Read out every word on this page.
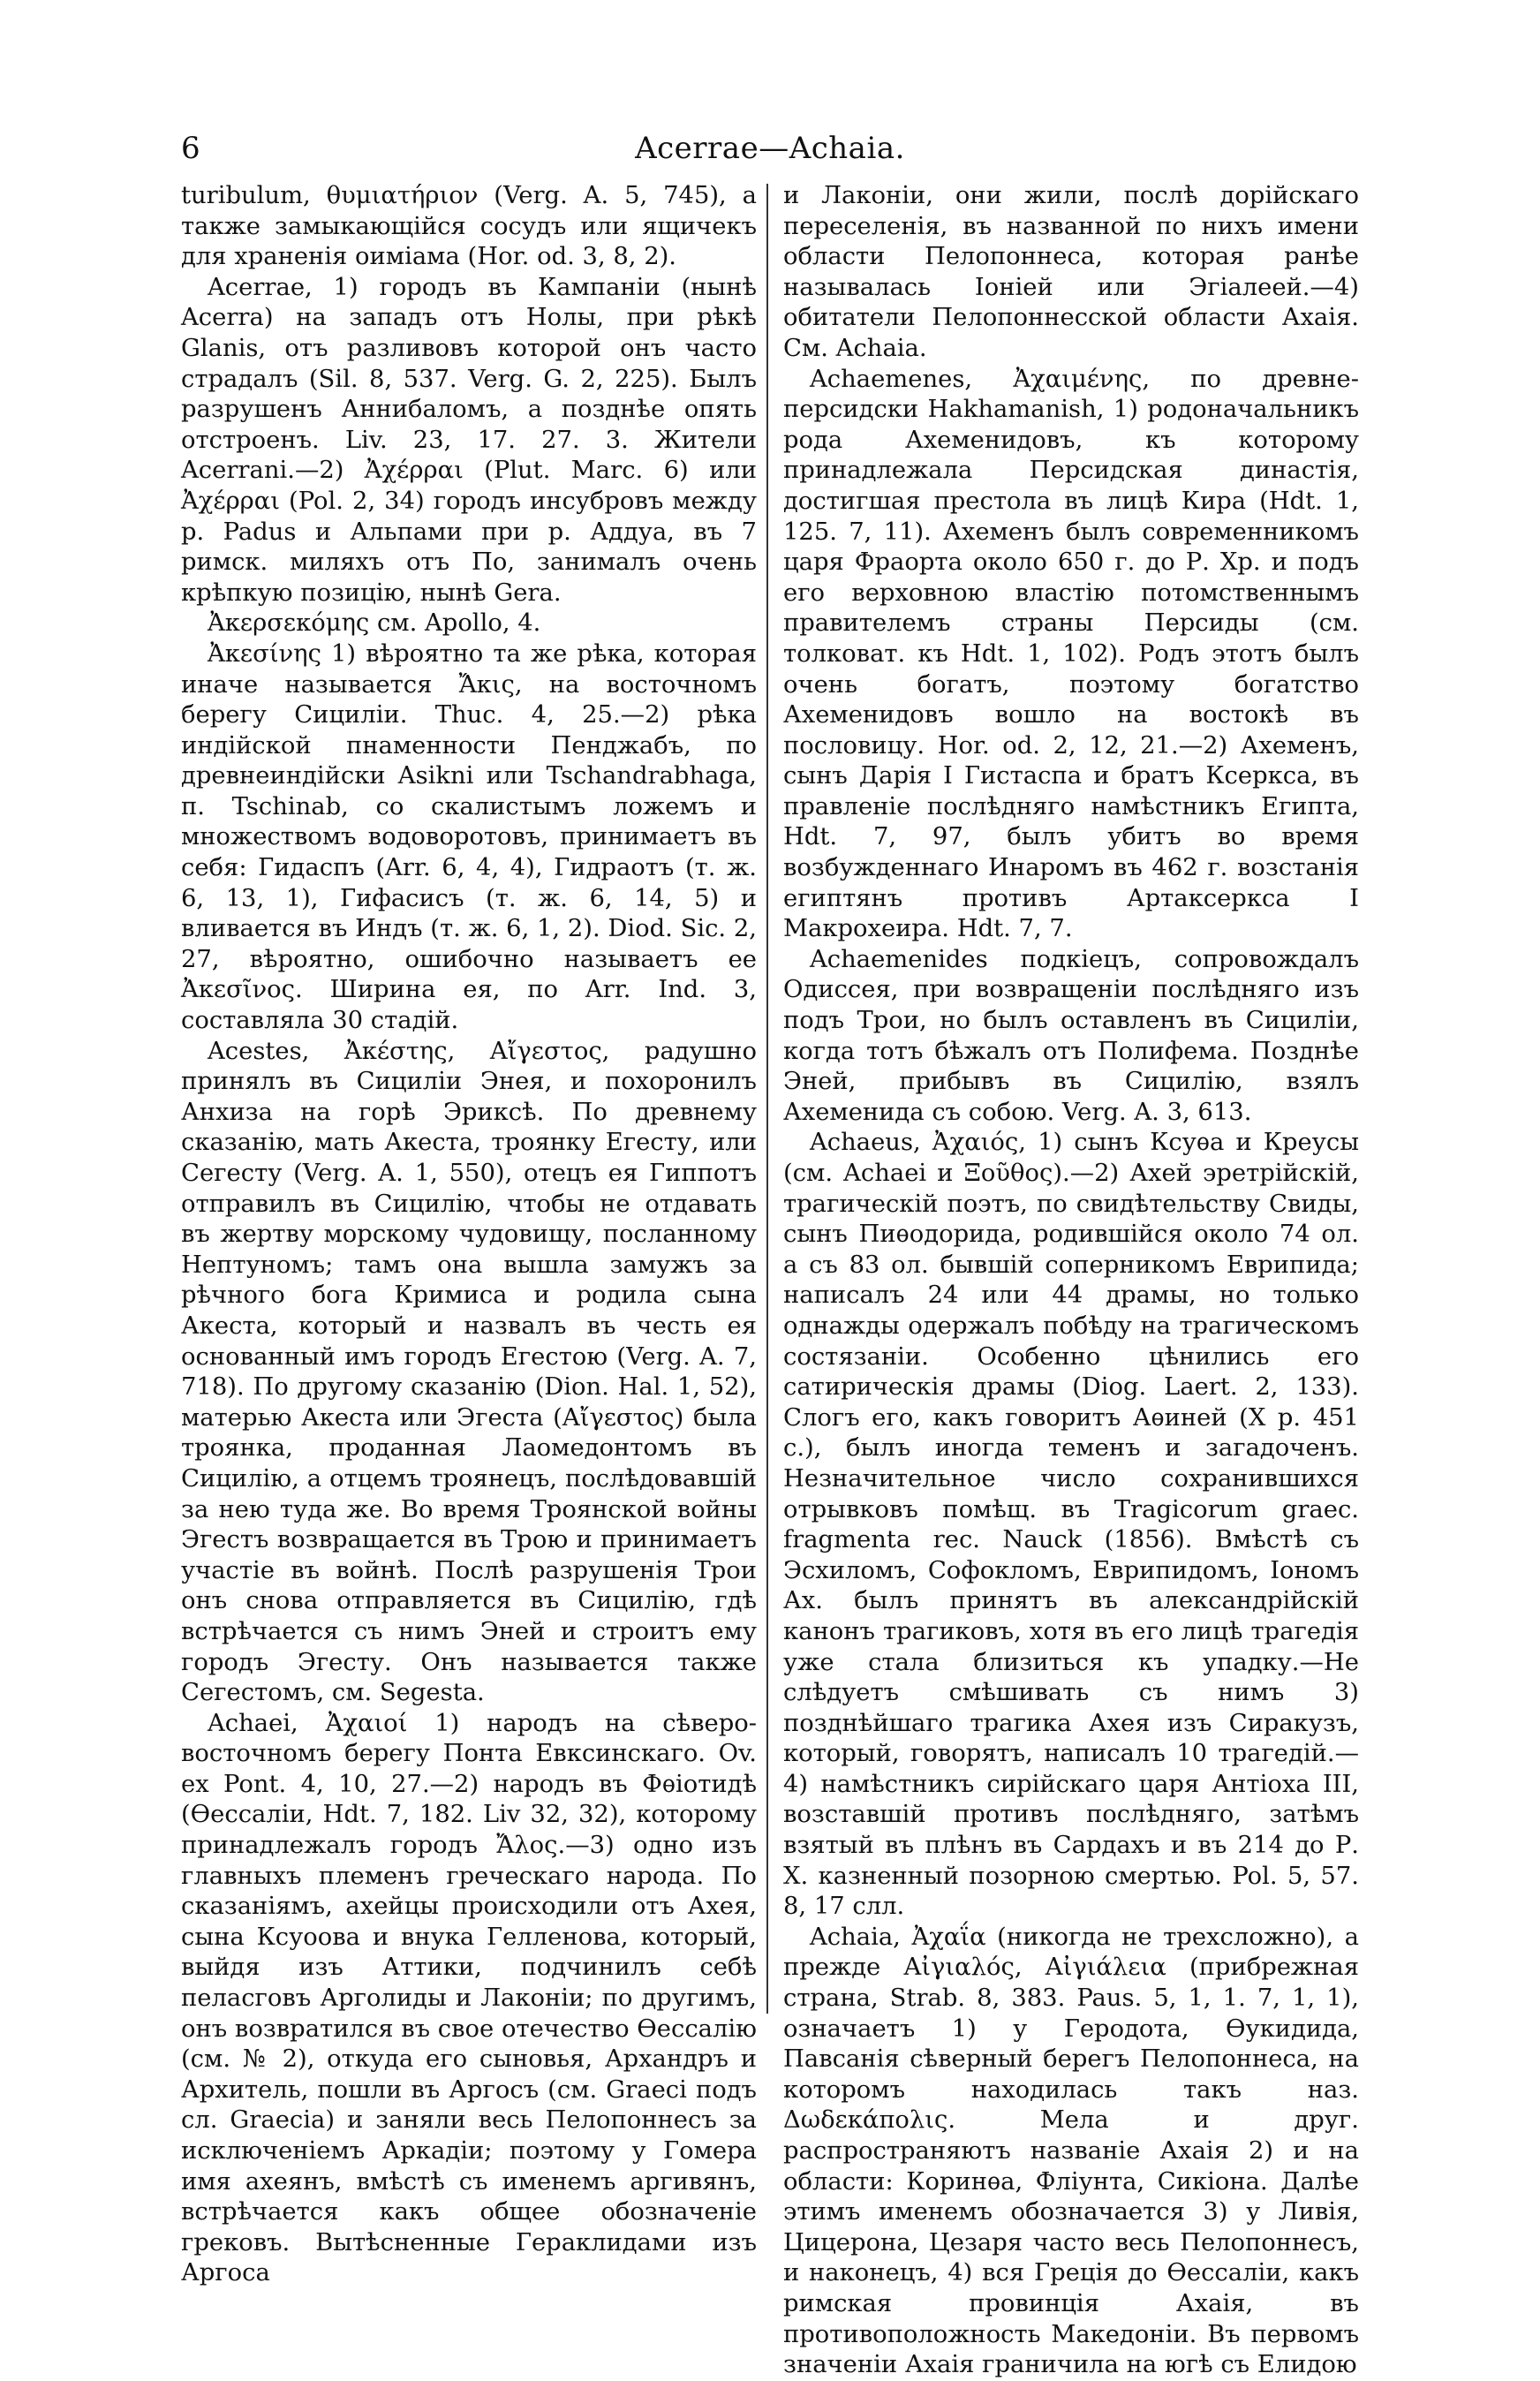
6	Acerrae—Achaia.

turibulum, θυμιατήριον (Verg. A. 5, 745), а также замыкающійся сосудъ или ящичекъ для храненія оиміама (Hor. od. 3, 8, 2).

Acerrae, 1) городъ въ Кампаніи (нынѣ Acerra) на западъ отъ Нолы, при рѣкѣ Glanis, отъ разливовъ которой онъ часто страдалъ (Sil. 8, 537. Verg. G. 2, 225). Былъ разрушенъ Аннибаломъ, а позднѣе опять отстроенъ. Liv. 23, 17. 27. 3. Жители Acerrani.—2) Ἀχέρραι (Plut. Marc. 6) или Ἀχέρραι (Pol. 2, 34) городъ инсубровъ между р. Padus и Альпами при р. Аддуа, въ 7 римск. миляхъ отъ По, занималъ очень крѣпкую позицію, нынѣ Gera.

Ἀκερσεκόμης см. Apollo, 4.

Ἀκεσίνης 1) вѣроятно та же рѣка, которая иначе называется Ἄκις, на восточномъ берегу Сициліи. Thuc. 4, 25.—2) рѣка индійской пнаменности Пенджабъ, по древнеиндійски Asikni или Tschandrabhaga, п. Tschinab, со скалистымъ ложемъ и множествомъ водоворотовъ, принимаетъ въ себя: Гидаспъ (Arr. 6, 4, 4), Гидраотъ (т. ж. 6, 13, 1), Гифасисъ (т. ж. 6, 14, 5) и вливается въ Индъ (т. ж. 6, 1, 2). Diod. Sic. 2, 27, вѣроятно, ошибочно называетъ ее Ἀκεσῖνος. Ширина ея, по Arr. Ind. 3, составляла 30 стадій.

Acestes, Ἀκέστης, Αἴγεστος, радушно принялъ въ Сициліи Энея, и похоронилъ Анхиза на горѣ Эриксѣ. По древнему сказанію, мать Акеста, троянку Егесту, или Сегесту (Verg. A. 1, 550), отецъ ея Гиппотъ отправилъ въ Сицилію, чтобы не отдавать въ жертву морскому чудовищу, посланному Нептуномъ; тамъ она вышла замужъ за рѣчного бога Кримиса и родила сына Акеста, который и назвалъ въ честь ея основанный имъ городъ Егестою (Verg. A. 7, 718). По другому сказанію (Dion. Hal. 1, 52), матерью Акеста или Эгеста (Αἴγεστος) была троянка, проданная Лаомедонтомъ въ Сицилію, а отцемъ троянецъ, послѣдовавшій за нею туда же. Во время Троянской войны Эгестъ возвращается въ Трою и принимаетъ участіе въ войнѣ. Послѣ разрушенія Трои онъ снова отправляется въ Сицилію, гдѣ встрѣчается съ нимъ Эней и строитъ ему городъ Эгесту. Онъ называется также Сегестомъ, см. Segesta.

Achaei, Ἀχαιοί 1) народъ на сѣверо-восточномъ берегу Понта Евксинскаго. Ov. ex Pont. 4, 10, 27.—2) народъ въ Фѳіотидѣ (Ѳессаліи, Hdt. 7, 182. Liv 32, 32), которому принадлежалъ городъ Ἄλος.—3) одно изъ главныхъ племенъ греческаго народа. По сказаніямъ, ахейцы происходили отъ Ахея, сына Ксуоова и внука Гелленова, который, выйдя изъ Аттики, подчинилъ себѣ пеласговъ Арголиды и Лаконіи; по другимъ, онъ возвратился въ свое отечество Ѳессалію (см. № 2), откуда его сыновья, Архандръ и Архитель, пошли въ Аргосъ (см. Graeci подъ сл. Graecia) и заняли весь Пелопоннесъ за исключеніемъ Аркадіи; поэтому у Гомера имя ахеянъ, вмѣстѣ съ именемъ аргивянъ, встрѣчается какъ общее обозначеніе грековъ. Вытѣсненные Гераклидами изъ Аргоса

и Лаконіи, они жили, послѣ дорійскаго переселенія, въ названной по нихъ имени области Пелопоннеса, которая ранѣе называлась Іоніей или Эгіалеей.—4) обитатели Пелопоннесской области Ахаія. См. Achaia.

Achaemenes, Ἀχαιμένης, по древне-персидски Hakhamanish, 1) родоначальникъ рода Ахеменидовъ, къ которому принадлежала Персидская династія, достигшая престола въ лицѣ Кира (Hdt. 1, 125. 7, 11). Ахеменъ былъ современникомъ царя Фраорта около 650 г. до Р. Хр. и подъ его верховною властію потомственнымъ правителемъ страны Персиды (см. толковат. къ Hdt. 1, 102). Родъ этотъ былъ очень богатъ, поэтому богатство Ахеменидовъ вошло на востокѣ въ пословицу. Hor. od. 2, 12, 21.—2) Ахеменъ, сынъ Дарія I Гистаспа и братъ Ксеркса, въ правленіе послѣдняго намѣстникъ Египта, Hdt. 7, 97, былъ убитъ во время возбужденнаго Инаромъ въ 462 г. возстанія египтянъ противъ Артаксеркса I Макрохеира. Hdt. 7, 7.

Achaemenides подкіецъ, сопровождалъ Одиссея, при возвращеніи послѣдняго изъ подъ Трои, но былъ оставленъ въ Сициліи, когда тотъ бѣжалъ отъ Полифема. Позднѣе Эней, прибывъ въ Сицилію, взялъ Ахеменида съ собою. Verg. A. 3, 613.

Achaeus, Ἀχαιός, 1) сынъ Ксуѳа и Креусы (см. Achaei и Ξοῦθος).—2) Ахей эретрійскій, трагическій поэтъ, по свидѣтельству Свиды, сынъ Пиѳодорида, родившійся около 74 ол. а съ 83 ол. бывшій соперникомъ Еврипида; написалъ 24 или 44 драмы, но только однажды одержалъ побѣду на трагическомъ состязаніи. Особенно цѣнились его сатирическія драмы (Diog. Laert. 2, 133). Слогъ его, какъ говоритъ Аѳиней (X р. 451 с.), былъ иногда теменъ и загадоченъ. Незначительное число сохранившихся отрывковъ помѣщ. въ Tragicorum graec. fragmenta rec. Nauck (1856). Вмѣстѣ съ Эсхиломъ, Софокломъ, Еврипидомъ, Іономъ Ах. былъ принятъ въ александрійскій канонъ трагиковъ, хотя въ его лицѣ трагедія уже стала близиться къ упадку.—Не слѣдуетъ смѣшивать съ нимъ 3) позднѣйшаго трагика Ахея изъ Сиракузъ, который, говорятъ, написалъ 10 трагедій.—4) намѣстникъ сирійскаго царя Антіоха III, возставшій противъ послѣдняго, затѣмъ взятый въ плѣнъ въ Сардахъ и въ 214 до Р. Х. казненный позорною смертью. Pol. 5, 57. 8, 17 слл.

Achaia, Ἀχαΐα (никогда не трехсложно), а прежде Αἰγιαλός, Αἰγιάλεια (прибрежная страна, Strab. 8, 383. Paus. 5, 1, 1. 7, 1, 1), означаетъ 1) у Геродота, Ѳукидида, Павсанія сѣверный берегъ Пелопоннеса, на которомъ находилась такъ наз. Δωδεκάπολις. Мела и друг. распространяютъ названіе Ахаія 2) и на области: Коринѳа, Флiунта, Сикіона. Далѣе этимъ именемъ обозначается 3) у Ливія, Цицерона, Цезаря часто весь Пелопоннесъ, и наконецъ, 4) вся Греція до Ѳессаліи, какъ римская провинція Ахаія, въ противоположность Македоніи. Въ первомъ значеніи Ахаія граничила на югѣ съ Елидою
